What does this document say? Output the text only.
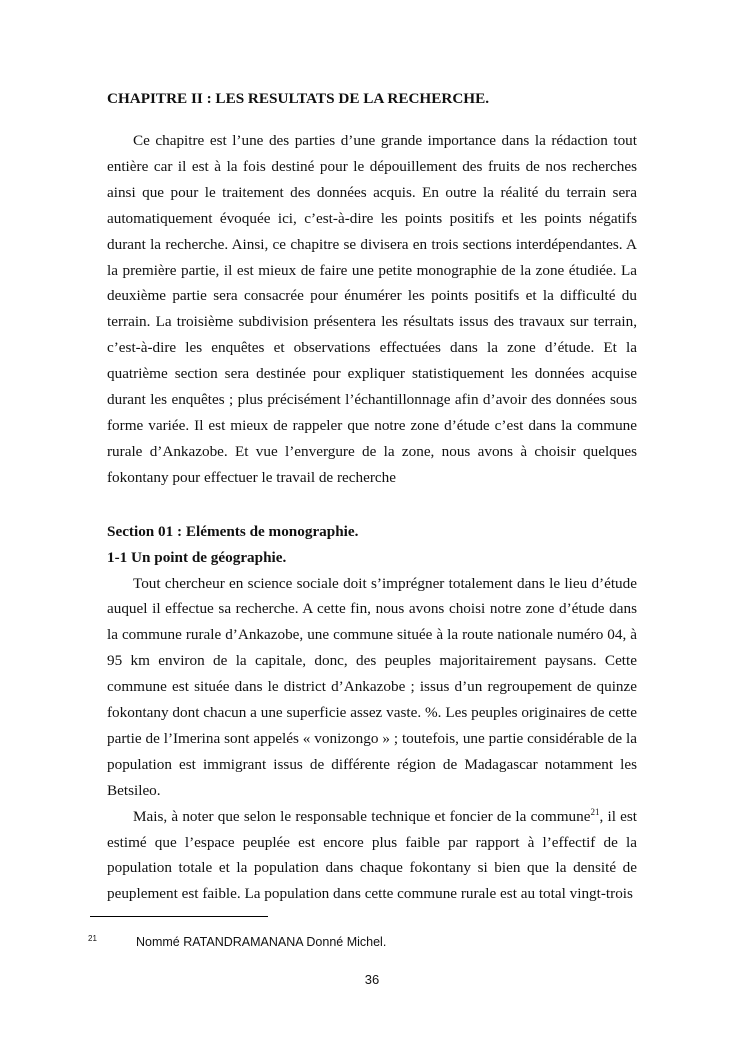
CHAPITRE II : LES RESULTATS DE LA RECHERCHE.

Ce chapitre est l’une des parties d’une grande importance dans la rédaction tout entière car il est à la fois destiné pour le dépouillement des fruits de nos recherches ainsi que pour le traitement des données acquis. En outre la réalité du terrain sera automatiquement évoquée ici, c’est-à-dire les points positifs et les points négatifs durant la recherche. Ainsi, ce chapitre se divisera en trois sections interdépendantes. A la première partie, il est mieux de faire une petite monographie de la zone étudiée. La deuxième partie sera consacrée pour énumérer les points positifs et la difficulté du terrain. La troisième subdivision présentera les résultats issus des travaux sur terrain, c’est-à-dire les enquêtes et observations effectuées dans la zone d’étude. Et la quatrième section sera destinée pour expliquer statistiquement les données acquise durant les enquêtes ; plus précisément l’échantillonnage afin d’avoir des données sous forme variée. Il est mieux de rappeler que notre zone d’étude c’est dans la commune rurale d’Ankazobe. Et vue l’envergure de la zone, nous avons à choisir quelques fokontany pour effectuer le travail de recherche

Section 01 : Eléments de monographie.

1-1 Un point de géographie.

Tout chercheur en science sociale doit s’imprégner totalement dans le lieu d’étude auquel il effectue sa recherche. A cette fin, nous avons choisi notre zone d’étude dans la commune rurale d’Ankazobe, une commune située à la route nationale numéro 04, à 95 km environ de la capitale, donc, des peuples majoritairement paysans. Cette commune est située dans le district d’Ankazobe ; issus d’un regroupement de quinze fokontany dont chacun a une superficie assez vaste. %. Les peuples originaires de cette partie de l’Imerina sont appelés « vonizongo » ; toutefois, une partie considérable de la population est immigrant issus de différente région de Madagascar notamment les Betsileo.

Mais, à noter que selon le responsable technique et foncier de la commune$^{21}$, il est estimé que l’espace peuplée est encore plus faible par rapport à l’effectif de la population totale et la population dans chaque fokontany si bien que la densité de peuplement est faible. La population dans cette commune rurale est au total vingt-trois

21	Nommé RATANDRAMANANA Donné Michel.
36
